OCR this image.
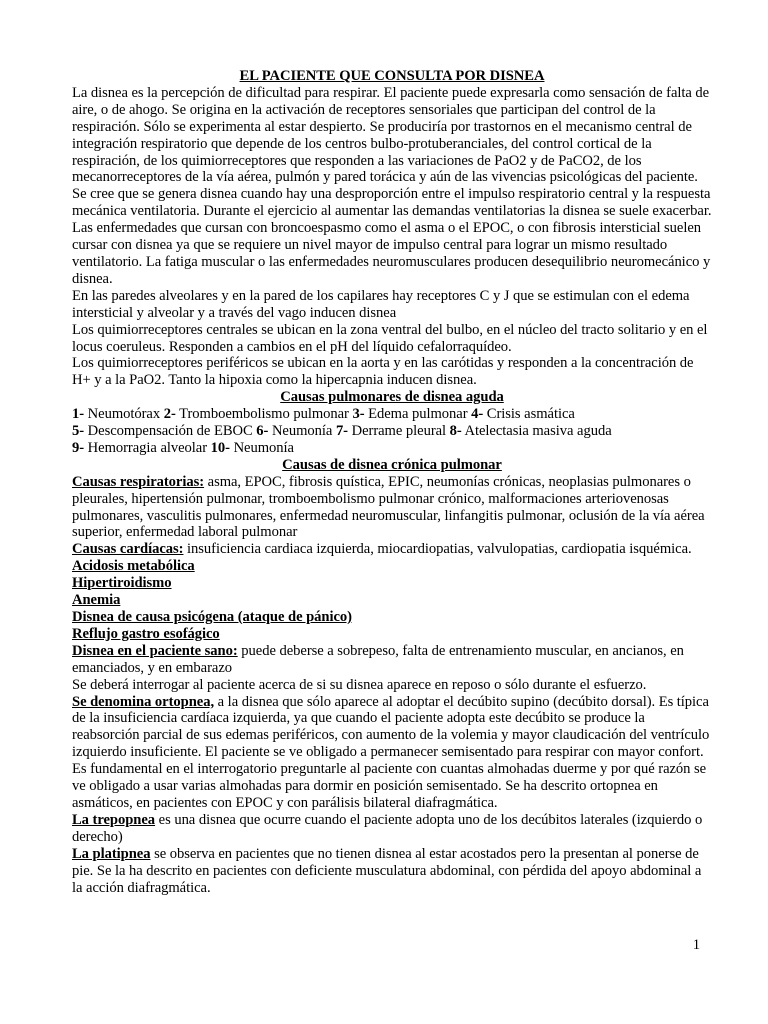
EL PACIENTE QUE CONSULTA POR DISNEA

La disnea es la percepción de dificultad para respirar. El paciente puede expresarla como sensación de falta de aire, o de ahogo. Se origina en la activación de receptores sensoriales que participan del control de la respiración. Sólo se experimenta al estar despierto. Se produciría por trastornos en el mecanismo central de integración respiratorio que depende de los centros bulbo-protuberanciales, del control cortical de la respiración, de los quimiorreceptores que responden a las variaciones de PaO2 y de PaCO2, de los mecanorreceptores de la vía aérea, pulmón y pared torácica y aún de las vivencias psicológicas del paciente.

Se cree que se genera disnea cuando hay una desproporción entre el impulso respiratorio central y la respuesta mecánica ventilatoria. Durante el ejercicio al aumentar las demandas ventilatorias la disnea se suele exacerbar. Las enfermedades que cursan con broncoespasmo como el asma o el EPOC, o con fibrosis intersticial suelen cursar con disnea ya que se requiere un nivel mayor de impulso central para lograr un mismo resultado ventilatorio. La fatiga muscular o las enfermedades neuromusculares producen desequilibrio neuromecánico y disnea.

En las paredes alveolares y en la pared de los capilares hay receptores C y J que se estimulan con el edema intersticial y alveolar y a través del vago inducen disnea

Los quimiorreceptores centrales se ubican en la zona ventral del bulbo, en el núcleo del tracto solitario y en el locus coeruleus. Responden a cambios en el pH del líquido cefalorraquídeo.

Los quimiorreceptores periféricos se ubican en la aorta y en las carótidas y responden a la concentración de H+ y a la PaO2. Tanto la hipoxia como la hipercapnia inducen disnea.

Causas pulmonares de disnea aguda

1- Neumotórax 2- Tromboembolismo pulmonar 3- Edema pulmonar 4- Crisis asmática

5- Descompensación de EBOC 6- Neumonía 7- Derrame pleural 8- Atelectasia masiva aguda

9- Hemorragia alveolar 10- Neumonía

Causas de disnea crónica pulmonar

Causas respiratorias: asma, EPOC, fibrosis quística, EPIC, neumonías crónicas, neoplasias pulmonares o pleurales, hipertensión pulmonar, tromboembolismo pulmonar crónico, malformaciones arteriovenosas pulmonares, vasculitis pulmonares, enfermedad neuromuscular, linfangitis pulmonar, oclusión de la vía aérea superior, enfermedad laboral pulmonar

Causas cardíacas: insuficiencia cardiaca izquierda, miocardiopatias, valvulopatias, cardiopatia isquémica.

Acidosis metabólica

Hipertiroidismo

Anemia

Disnea de causa psicógena (ataque de pánico)

Reflujo gastro esofágico

Disnea en el paciente sano: puede deberse a sobrepeso, falta de entrenamiento muscular, en ancianos, en emanciados, y en embarazo

Se deberá interrogar al paciente acerca de si su disnea aparece en reposo o sólo durante el esfuerzo.

Se denomina ortopnea, a la disnea que sólo aparece al adoptar el decúbito supino (decúbito dorsal). Es típica de la insuficiencia cardíaca izquierda, ya que cuando el paciente adopta este decúbito se produce la reabsorción parcial de sus edemas periféricos, con aumento de la volemia y mayor claudicación del ventrículo izquierdo insuficiente. El paciente se ve obligado a permanecer semisentado para respirar con mayor confort. Es fundamental en el interrogatorio preguntarle al paciente con cuantas almohadas duerme y por qué razón se ve obligado a usar varias almohadas para dormir en posición semisentado. Se ha descrito ortopnea en asmáticos, en pacientes con EPOC y con parálisis bilateral diafragmática.

La trepopnea es una disnea que ocurre cuando el paciente adopta uno de los decúbitos laterales (izquierdo o derecho)

La platipnea se observa en pacientes que no tienen disnea al estar acostados pero la presentan al ponerse de pie. Se la ha descrito en pacientes con deficiente musculatura abdominal, con pérdida del apoyo abdominal a la acción diafragmática.

1
